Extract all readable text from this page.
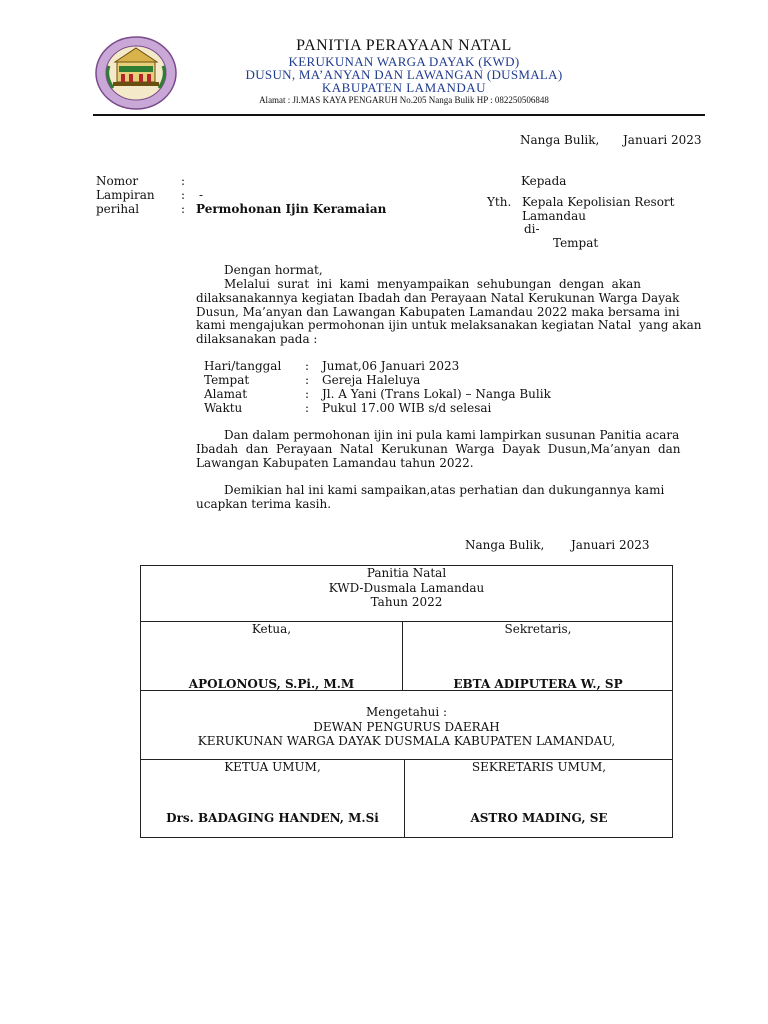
PANITIA PERAYAAN NATAL
KERUKUNAN WARGA DAYAK (KWD)
DUSUN, MA’ANYAN DAN LAWANGAN (DUSMALA)
KABUPATEN LAMANDAU
Alamat : Jl.MAS KAYA PENGARUH No.205 Nanga Bulik HP : 082250506848
Nanga Bulik, Januari 2023
Nomor	:
Lampiran : -
perihal	: Permohonan Ijin Keramaian
Kepada
Yth. Kepala Kepolisian Resort
Lamandau
di-
Tempat
Dengan hormat,
Melalui  surat  ini  kami  menyampaikan  sehubungan  dengan  akan
dilaksanakannya kegiatan Ibadah dan Perayaan Natal Kerukunan Warga Dayak
Dusun, Ma’anyan dan Lawangan Kabupaten Lamandau 2022 maka bersama ini
kami mengajukan permohonan ijin untuk melaksanakan kegiatan Natal  yang akan
dilaksanakan pada :
Hari/tanggal : Jumat,06 Januari 2023
Tempat	: Gereja Haleluya
Alamat	: Jl. A Yani (Trans Lokal) – Nanga Bulik
Waktu	: Pukul 17.00 WIB s/d selesai
Dan dalam permohonan ijin ini pula kami lampirkan susunan Panitia acara
Ibadah  dan  Perayaan  Natal  Kerukunan  Warga  Dayak  Dusun,Ma’anyan  dan
Lawangan Kabupaten Lamandau tahun 2022.
Demikian hal ini kami sampaikan,atas perhatian dan dukungannya kami
ucapkan terima kasih.
Nanga Bulik, Januari 2023
Panitia Natal
KWD-Dusmala Lamandau
Tahun 2022
Ketua,
APOLONOUS, S.Pi., M.M
Sekretaris,
EBTA ADIPUTERA W., SP
Mengetahui :
DEWAN PENGURUS DAERAH
KERUKUNAN WARGA DAYAK DUSMALA KABUPATEN LAMANDAU,
KETUA UMUM,
Drs. BADAGING HANDEN, M.Si
SEKRETARIS UMUM,
ASTRO MADING, SE
